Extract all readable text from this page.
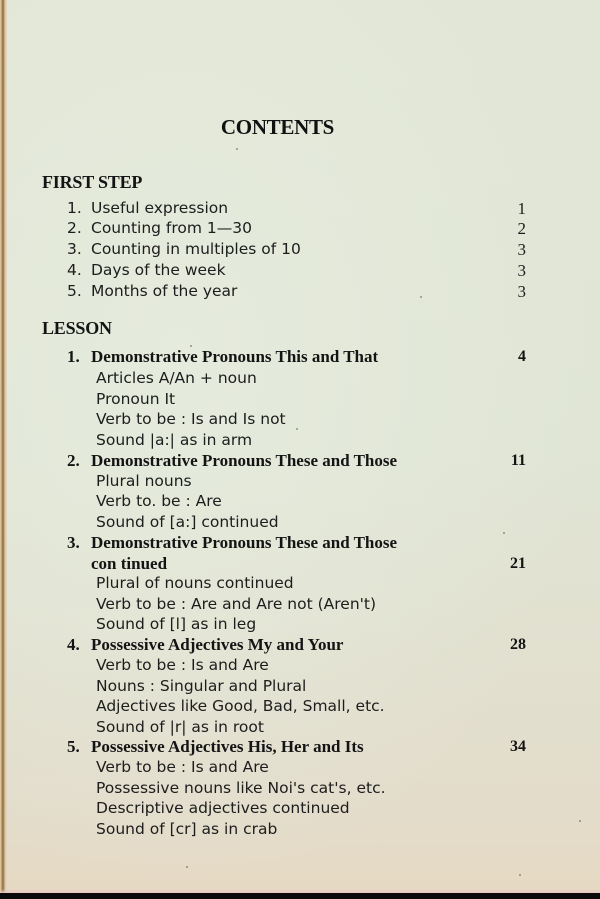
CONTENTS
FIRST STEP
1. Useful expression	1
2. Counting from 1—30	2
3. Counting in multiples of 10	3
4. Days of the week	3
5. Months of the year	3
LESSON
1. Demonstrative Pronouns This and That	4
Articles A/An + noun
Pronoun It
Verb to be : Is and Is not
Sound |a:| as in arm
2. Demonstrative Pronouns These and Those	11
Plural nouns
Verb to. be : Are
Sound of [a:] continued
3. Demonstrative Pronouns These and Those
con tinued	21
Plural of nouns continued
Verb to be : Are and Are not (Aren't)
Sound of [l] as in leg
4. Possessive Adjectives My and Your	28
Verb to be : Is and Are
Nouns : Singular and Plural
Adjectives like Good, Bad, Small, etc.
Sound of |r| as in root
5. Possessive Adjectives His, Her and Its	34
Verb to be : Is and Are
Possessive nouns like Noi's cat's, etc.
Descriptive adjectives continued
Sound of [cr] as in crab
